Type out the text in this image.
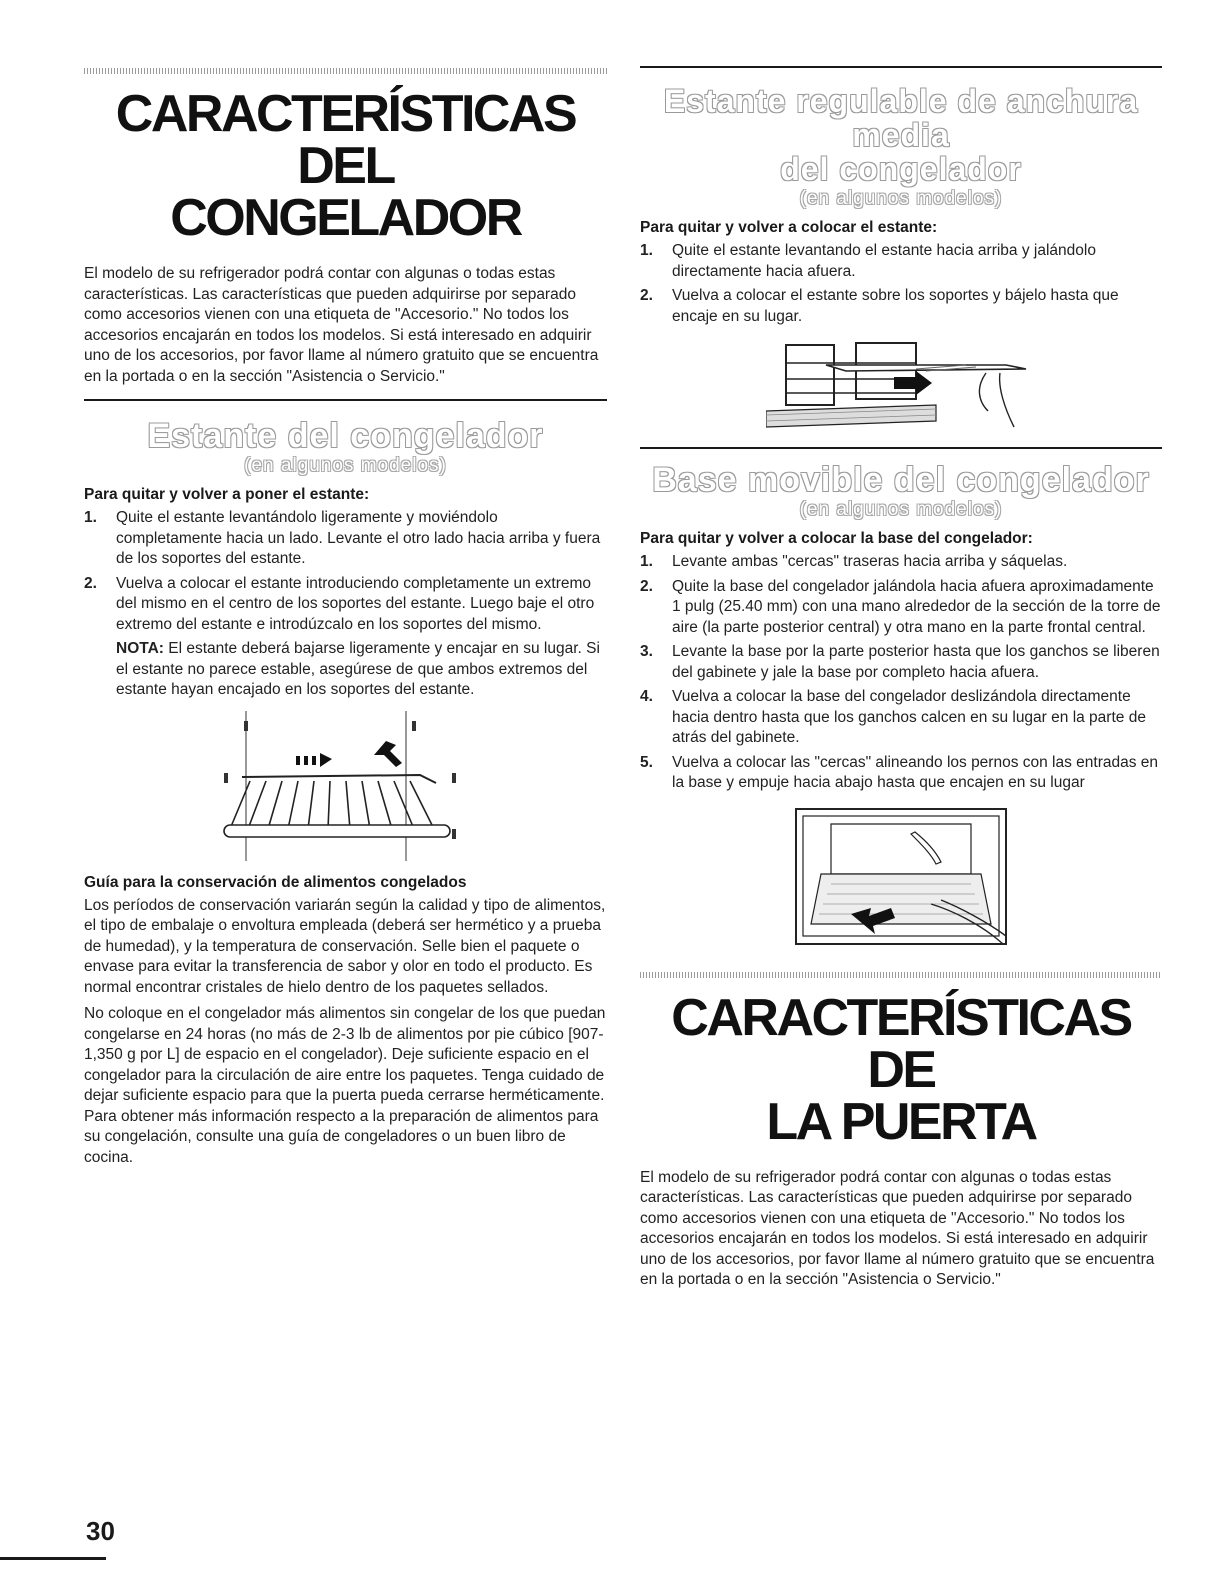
CARACTERÍSTICAS DEL
CONGELADOR

El modelo de su refrigerador podrá contar con algunas o todas estas características. Las características que pueden adquirirse por separado como accesorios vienen con una etiqueta de "Accesorio." No todos los accesorios encajarán en todos los modelos. Si está interesado en adquirir uno de los accesorios, por favor llame al número gratuito que se encuentra en la portada o en la sección "Asistencia o Servicio."

Estante del congelador
(en algunos modelos)

Para quitar y volver a poner el estante:

1. Quite el estante levantándolo ligeramente y moviéndolo completamente hacia un lado. Levante el otro lado hacia arriba y fuera de los soportes del estante.
2. Vuelva a colocar el estante introduciendo completamente un extremo del mismo en el centro de los soportes del estante. Luego baje el otro extremo del estante e introdúzcalo en los soportes del mismo.

NOTA: El estante deberá bajarse ligeramente y encajar en su lugar. Si el estante no parece estable, asegúrese de que ambos extremos del estante hayan encajado en los soportes del estante.

Guía para la conservación de alimentos congelados

Los períodos de conservación variarán según la calidad y tipo de alimentos, el tipo de embalaje o envoltura empleada (deberá ser hermético y a prueba de humedad), y la temperatura de conservación. Selle bien el paquete o envase para evitar la transferencia de sabor y olor en todo el producto. Es normal encontrar cristales de hielo dentro de los paquetes sellados.

No coloque en el congelador más alimentos sin congelar de los que puedan congelarse en 24 horas (no más de 2-3 lb de alimentos por pie cúbico [907-1,350 g por L] de espacio en el congelador). Deje suficiente espacio en el congelador para la circulación de aire entre los paquetes. Tenga cuidado de dejar suficiente espacio para que la puerta pueda cerrarse herméticamente. Para obtener más información respecto a la preparación de alimentos para su congelación, consulte una guía de congeladores o un buen libro de cocina.

Estante regulable de anchura media
del congelador
(en algunos modelos)

Para quitar y volver a colocar el estante:

1. Quite el estante levantando el estante hacia arriba y jalándolo directamente hacia afuera.
2. Vuelva a colocar el estante sobre los soportes y bájelo hasta que encaje en su lugar.
Base movible del congelador
(en algunos modelos)

Para quitar y volver a colocar la base del congelador:

1. Levante ambas "cercas" traseras hacia arriba y sáquelas.
2. Quite la base del congelador jalándola hacia afuera aproximadamente 1 pulg (25.40 mm) con una mano alrededor de la sección de la torre de aire (la parte posterior central) y otra mano en la parte frontal central.
3. Levante la base por la parte posterior hasta que los ganchos se liberen del gabinete y jale la base por completo hacia afuera.
4. Vuelva a colocar la base del congelador deslizándola directamente hacia dentro hasta que los ganchos calcen en su lugar en la parte de atrás del gabinete.
5. Vuelva a colocar las "cercas" alineando los pernos con las entradas en la base y empuje hacia abajo hasta que encajen en su lugar
CARACTERÍSTICAS DE
LA PUERTA

El modelo de su refrigerador podrá contar con algunas o todas estas características. Las características que pueden adquirirse por separado como accesorios vienen con una etiqueta de "Accesorio." No todos los accesorios encajarán en todos los modelos. Si está interesado en adquirir uno de los accesorios, por favor llame al número gratuito que se encuentra en la portada o en la sección "Asistencia o Servicio."

30
